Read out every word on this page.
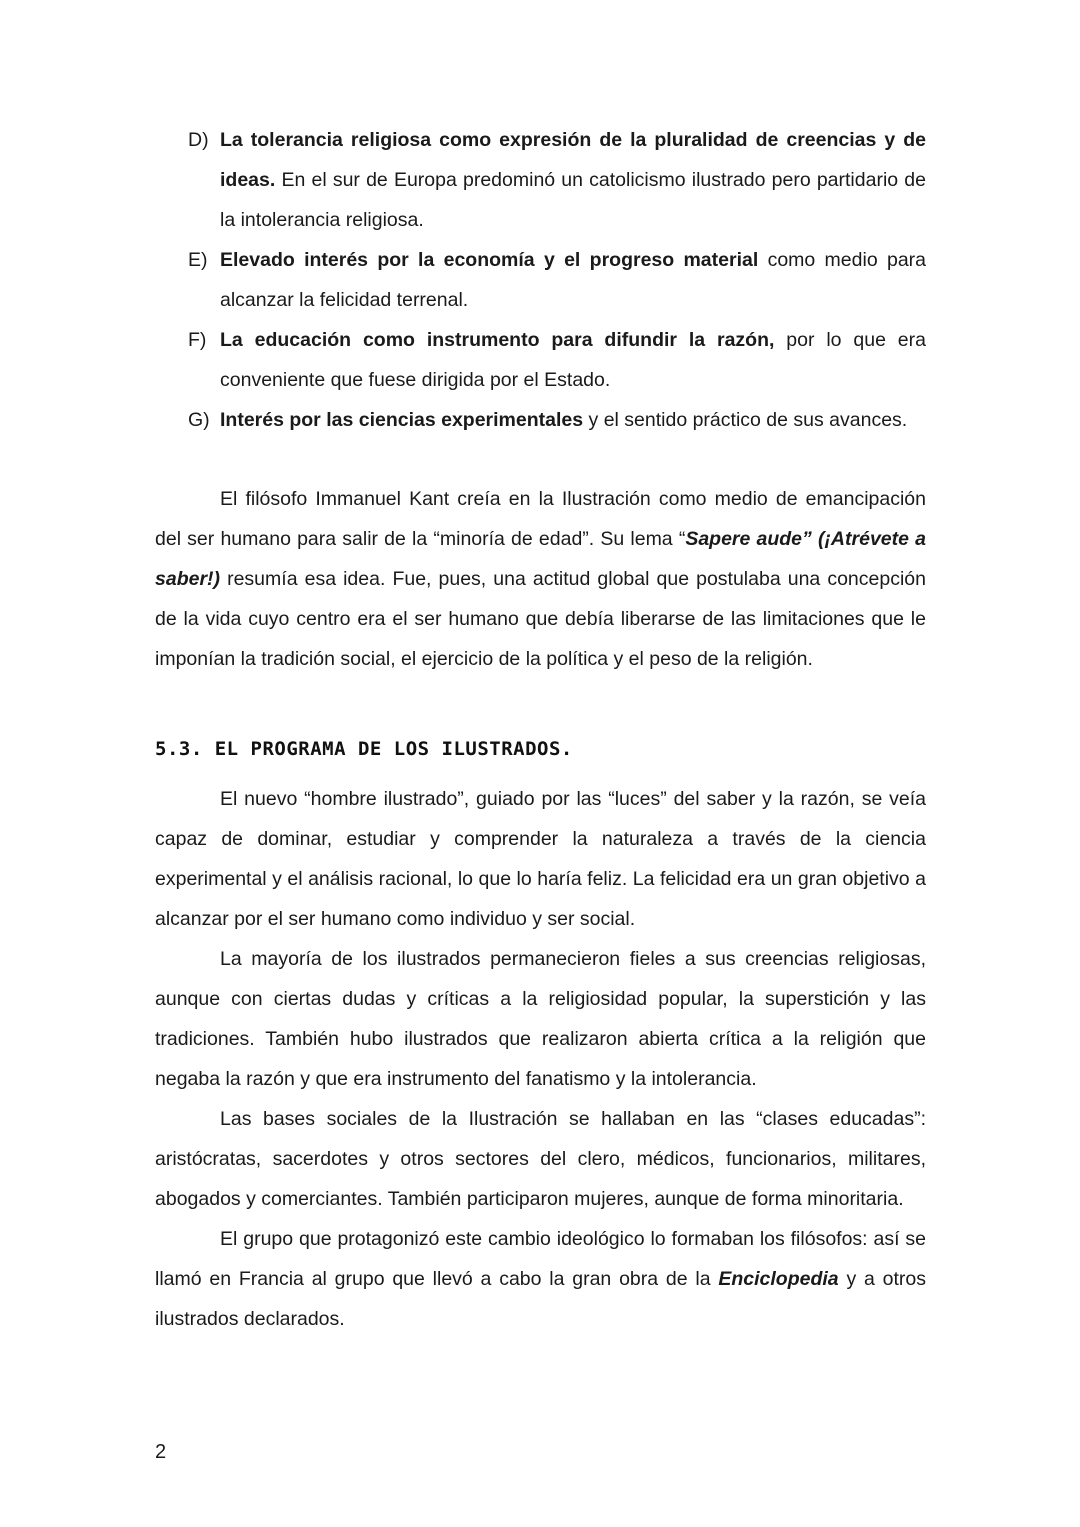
D) La tolerancia religiosa como expresión de la pluralidad de creencias y de ideas. En el sur de Europa predominó un catolicismo ilustrado pero partidario de la intolerancia religiosa.
E) Elevado interés por la economía y el progreso material como medio para alcanzar la felicidad terrenal.
F) La educación como instrumento para difundir la razón, por lo que era conveniente que fuese dirigida por el Estado.
G) Interés por las ciencias experimentales y el sentido práctico de sus avances.

El filósofo Immanuel Kant creía en la Ilustración como medio de emancipación del ser humano para salir de la “minoría de edad”. Su lema “Sapere aude” (¡Atrévete a saber!) resumía esa idea. Fue, pues, una actitud global que postulaba una concepción de la vida cuyo centro era el ser humano que debía liberarse de las limitaciones que le imponían la tradición social, el ejercicio de la política y el peso de la religión.

5.3. EL PROGRAMA DE LOS ILUSTRADOS.

El nuevo “hombre ilustrado”, guiado por las “luces” del saber y la razón, se veía capaz de dominar, estudiar y comprender la naturaleza a través de la ciencia experimental y el análisis racional, lo que lo haría feliz. La felicidad era un gran objetivo a alcanzar por el ser humano como individuo y ser social.

La mayoría de los ilustrados permanecieron fieles a sus creencias religiosas, aunque con ciertas dudas y críticas a la religiosidad popular, la superstición y las tradiciones. También hubo ilustrados que realizaron abierta crítica a la religión que negaba la razón y que era instrumento del fanatismo y la intolerancia.

Las bases sociales de la Ilustración se hallaban en las “clases educadas”: aristócratas, sacerdotes y otros sectores del clero, médicos, funcionarios, militares, abogados y comerciantes. También participaron mujeres, aunque de forma minoritaria.

El grupo que protagonizó este cambio ideológico lo formaban los filósofos: así se llamó en Francia al grupo que llevó a cabo la gran obra de la Enciclopedia y a otros ilustrados declarados.

2
